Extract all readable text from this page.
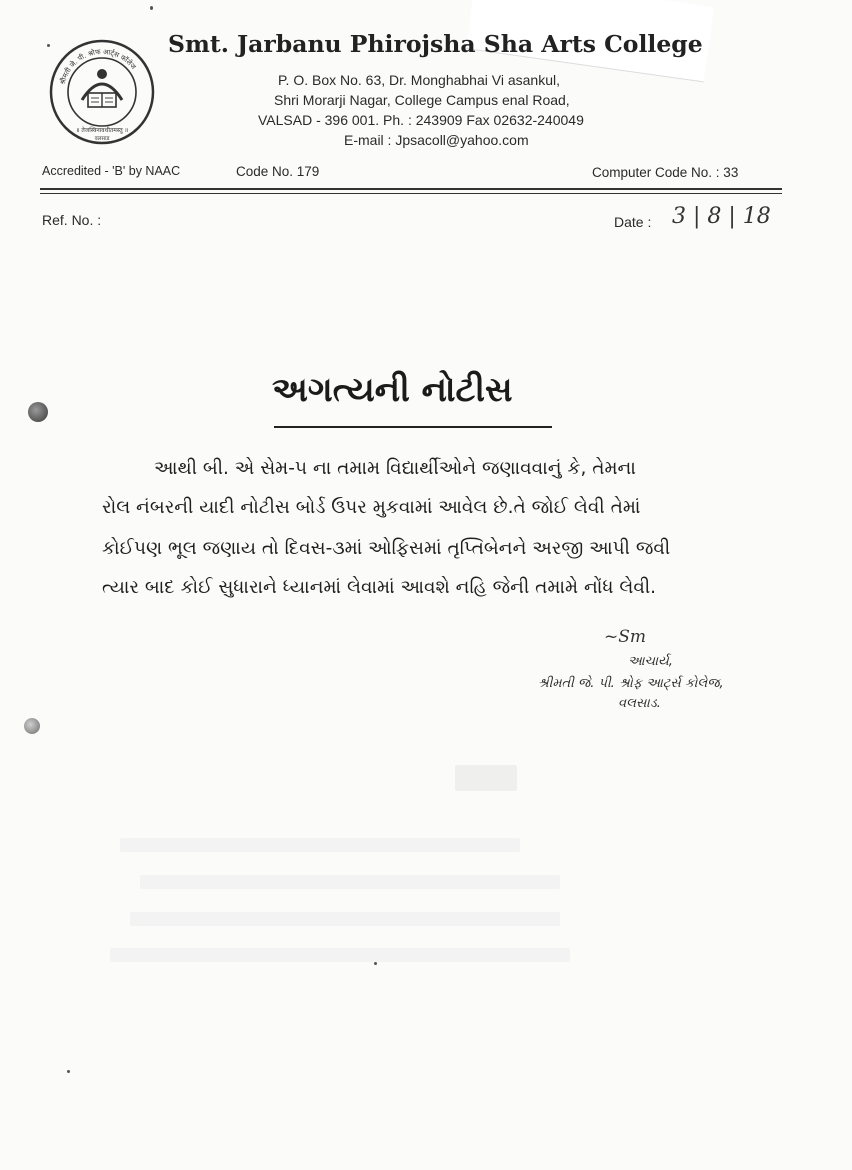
श्रीमती जे. पी. श्रोफ आर्ट्स कॉलेज
॥ तेजस्विनावधीतमस्तु ॥
वलसाड
Smt. Jarbanu Phirojsha Sha Arts College
P. O. Box No. 63, Dr. Monghabhai Vi asankul,
Shri Morarji Nagar, College Campus enal Road,
VALSAD - 396 001. Ph. : 243909 Fax 02632-240049
E-mail : Jpsacoll@yahoo.com
Accredited - 'B' by NAAC	Code No. 179	Computer Code No. : 33
Ref. No. :	Date : 3 | 8 | 18
અગત્યની નોટીસ
આથી બી. એ સેમ-૫ ના તમામ વિદ્યાર્થીઓને જણાવવાનું કે, તેમના
રોલ નંબરની યાદી નોટીસ બોર્ડ ઉપર મુકવામાં આવેલ છે.તે જોઈ લેવી તેમાં
કોઈપણ ભૂલ જણાય તો દિવસ-૩માં ઓફિસમાં તૃપ્તિબેનને અરજી આપી જવી
ત્યાર બાદ કોઈ સુધારાને ધ્યાનમાં લેવામાં આવશે નહિ જેની તમામે નોંધ લેવી.
~Sm
આચાર્ય,
શ્રીમતી જે. પી. શ્રોફ આર્ટ્સ કોલેજ,
વલસાડ.
